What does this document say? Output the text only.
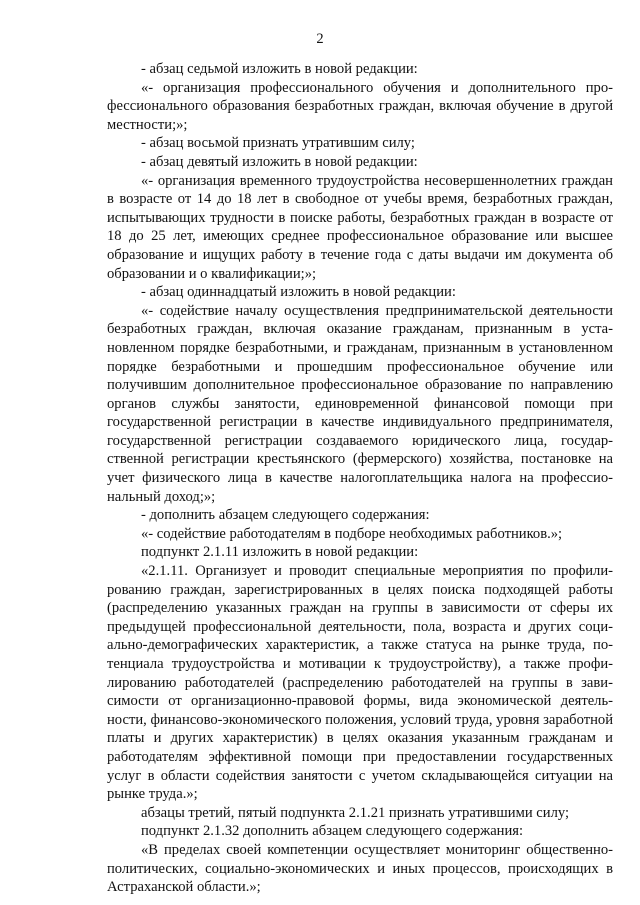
2

- абзац седьмой изложить в новой редакции:

«- организация профессионального обучения и дополнительного профессионального образования безработных граждан, включая обучение в другой местности;»;

- абзац восьмой признать утратившим силу;

- абзац девятый изложить в новой редакции:

«- организация временного трудоустройства несовершеннолетних граждан в возрасте от 14 до 18 лет в свободное от учебы время, безработных граждан, испытывающих трудности в поиске работы, безработных граждан в возрасте от 18 до 25 лет, имеющих среднее профессиональное образование или высшее образование и ищущих работу в течение года с даты выдачи им документа об образовании и о квалификации;»;

- абзац одиннадцатый изложить в новой редакции:

«- содействие началу осуществления предпринимательской деятельности безработных граждан, включая оказание гражданам, признанным в установленном порядке безработными, и гражданам, признанным в установленном порядке безработными и прошедшим профессиональное обучение или получившим дополнительное профессиональное образование по направлению органов службы занятости, единовременной финансовой помощи при государственной регистрации в качестве индивидуального предпринимателя, государственной регистрации создаваемого юридического лица, государственной регистрации крестьянского (фермерского) хозяйства, постановке на учет физического лица в качестве налогоплательщика налога на профессиональный доход;»;

- дополнить абзацем следующего содержания:

«- содействие работодателям в подборе необходимых работников.»;

подпункт 2.1.11 изложить в новой редакции:

«2.1.11. Организует и проводит специальные мероприятия по профилированию граждан, зарегистрированных в целях поиска подходящей работы (распределению указанных граждан на группы в зависимости от сферы их предыдущей профессиональной деятельности, пола, возраста и других социально-демографических характеристик, а также статуса на рынке труда, потенциала трудоустройства и мотивации к трудоустройству), а также профилированию работодателей (распределению работодателей на группы в зависимости от организационно-правовой формы, вида экономической деятельности, финансово-экономического положения, условий труда, уровня заработной платы и других характеристик) в целях оказания указанным гражданам и работодателям эффективной помощи при предоставлении государственных услуг в области содействия занятости с учетом складывающейся ситуации на рынке труда.»;

абзацы третий, пятый подпункта 2.1.21 признать утратившими силу;

подпункт 2.1.32 дополнить абзацем следующего содержания:

«В пределах своей компетенции осуществляет мониторинг общественно-политических, социально-экономических и иных процессов, происходящих в Астраханской области.»;
